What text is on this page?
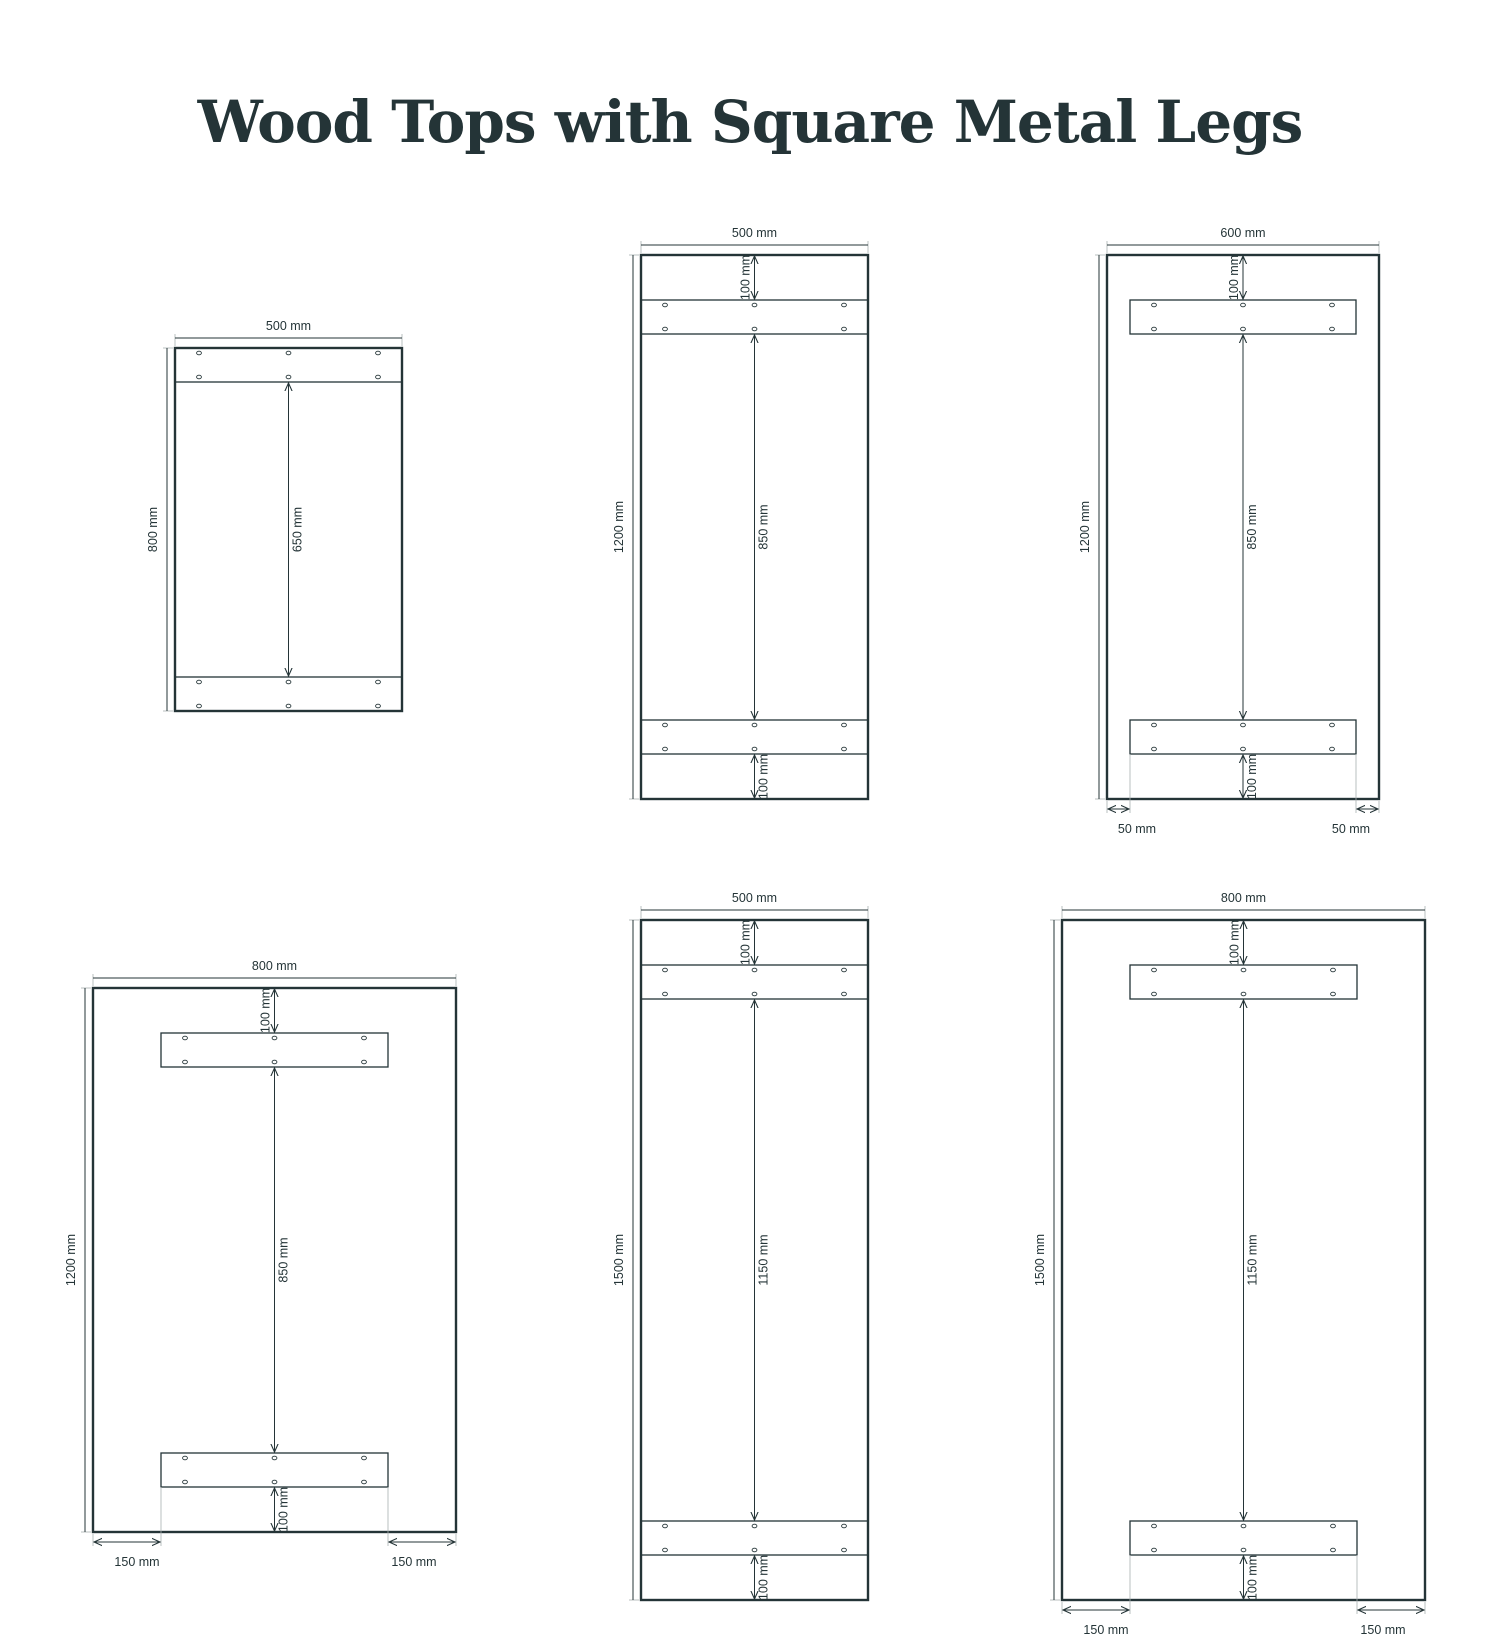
Wood Tops with Square Metal Legs
500 mm
800 mm	650 mm
500 mm
1200 mm	850 mm
100 mm
100 mm
600 mm
1200 mm	850 mm
100 mm
100 mm
50 mm	50 mm
800 mm
1200 mm	850 mm
100 mm
100 mm
150 mm	150 mm
500 mm
1500 mm	1150 mm
100 mm
100 mm
800 mm
1500 mm	1150 mm
100 mm
100 mm
150 mm	150 mm
